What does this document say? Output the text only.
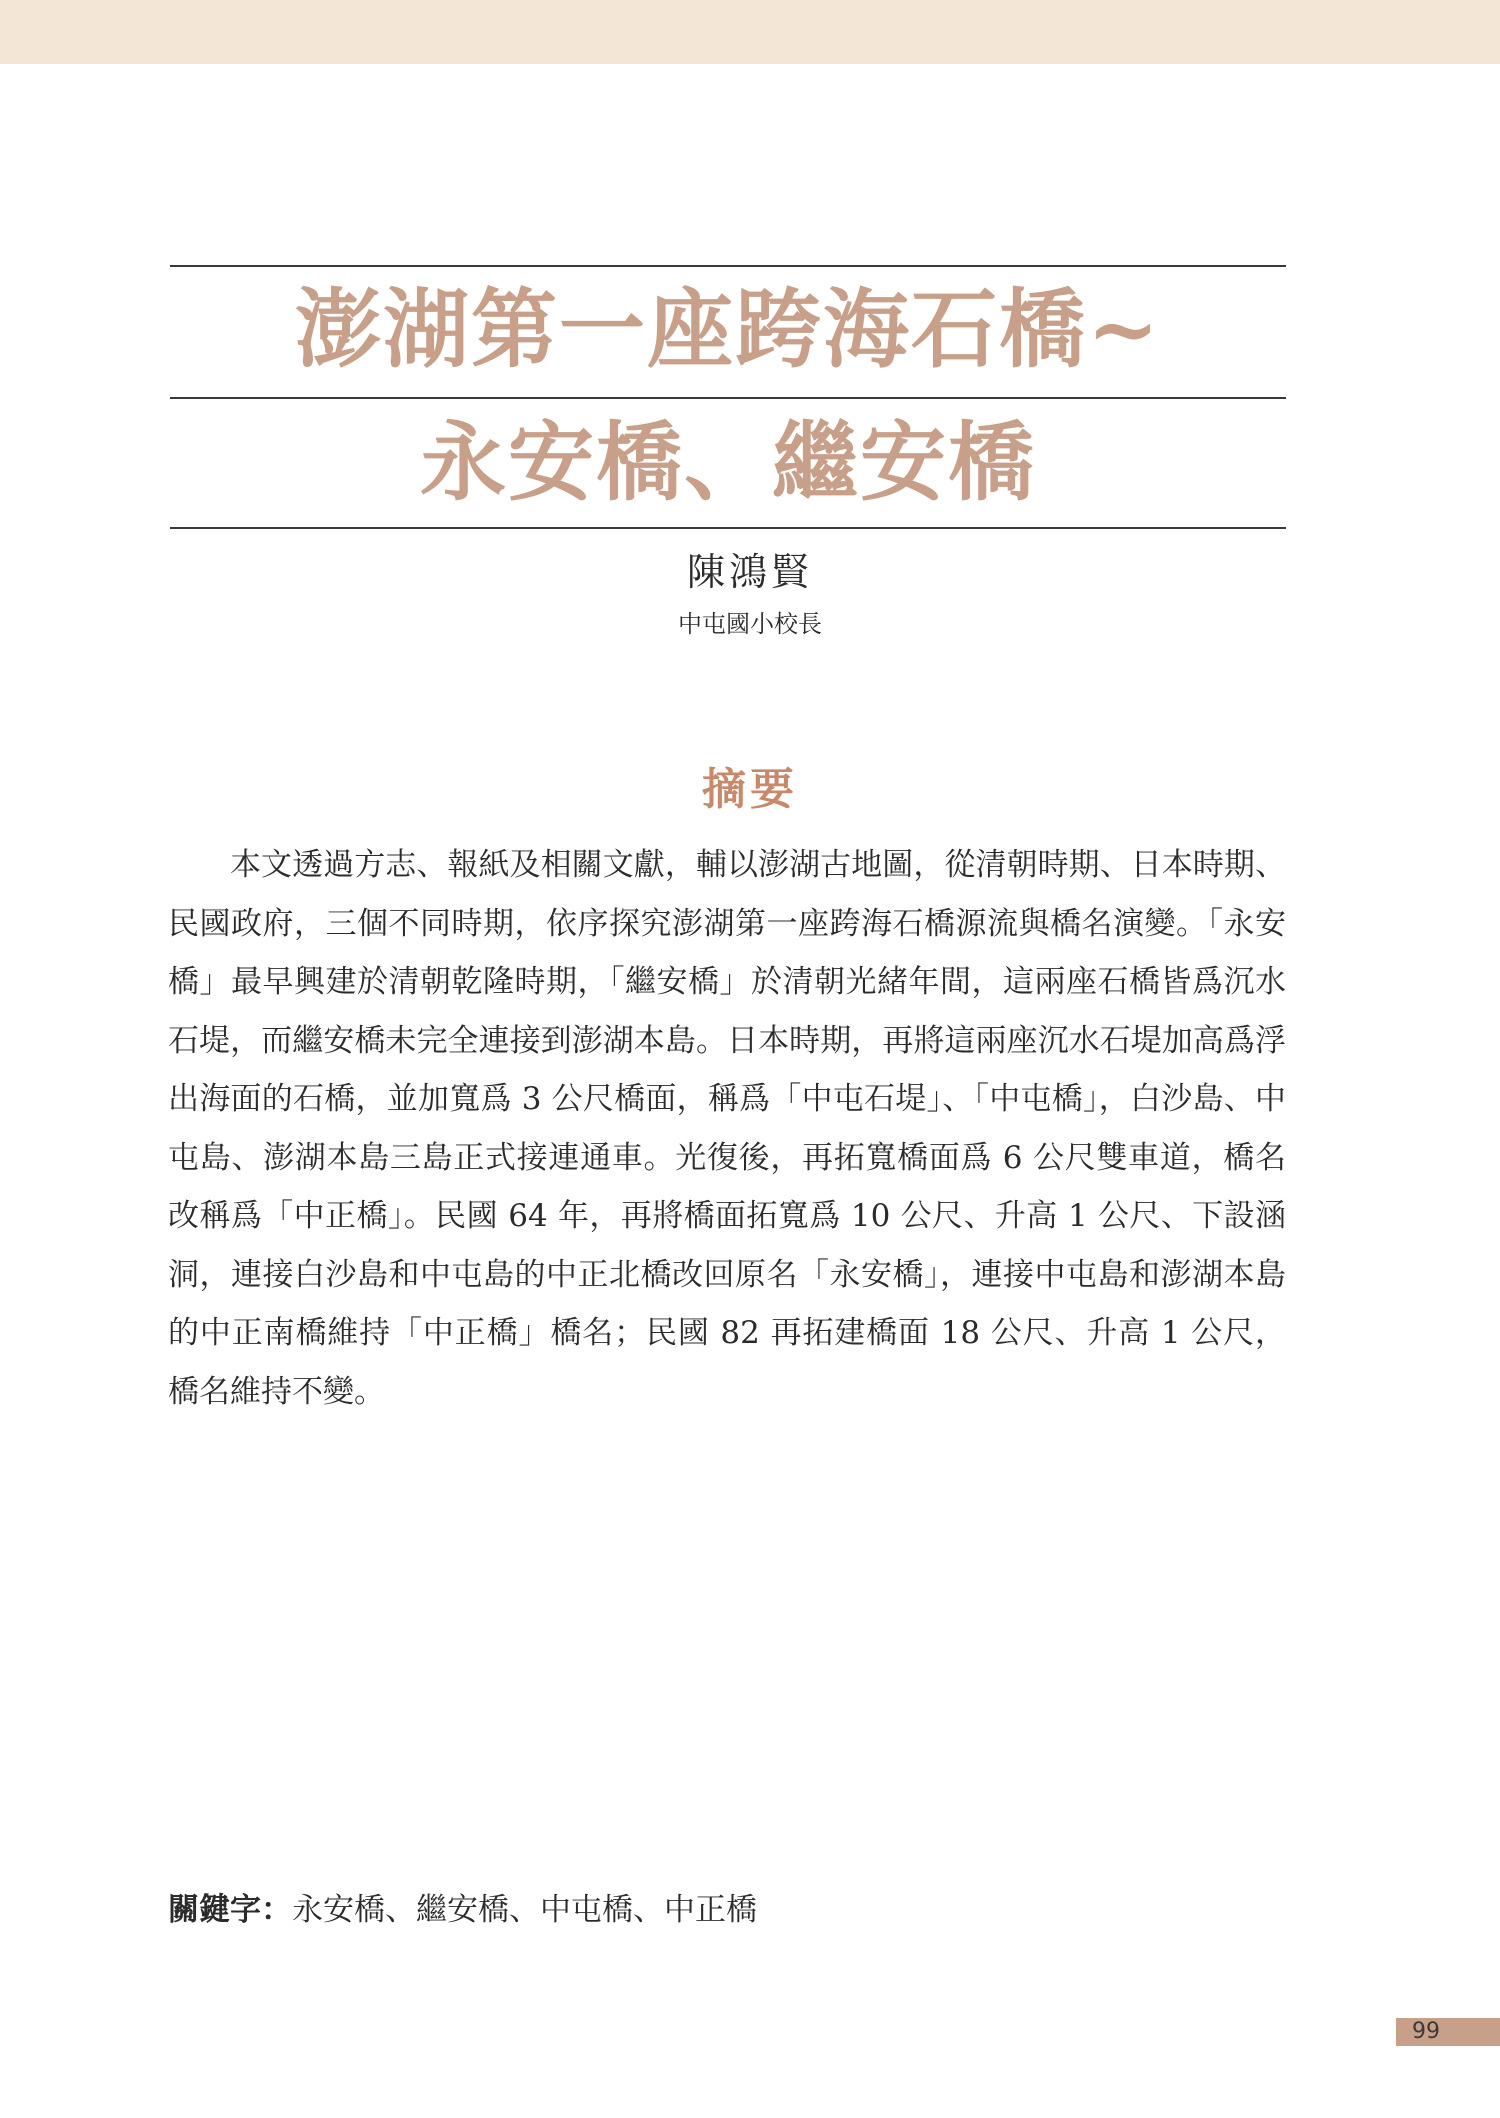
澎湖第一座跨海石橋~
永安橋、繼安橋
陳鴻賢
中屯國小校長
摘要

本文透過方志、報紙及相關文獻，輔以澎湖古地圖，從清朝時期、日本時期、民國政府，三個不同時期，依序探究澎湖第一座跨海石橋源流與橋名演變。「永安橋」最早興建於清朝乾隆時期，「繼安橋」於清朝光緒年間，這兩座石橋皆爲沉水石堤，而繼安橋未完全連接到澎湖本島。日本時期，再將這兩座沉水石堤加高爲浮出海面的石橋，並加寬爲 3 公尺橋面，稱爲「中屯石堤」、「中屯橋」，白沙島、中屯島、澎湖本島三島正式接連通車。光復後，再拓寬橋面爲 6 公尺雙車道，橋名改稱爲「中正橋」。民國 64 年，再將橋面拓寬爲 10 公尺、升高 1 公尺、下設涵洞，連接白沙島和中屯島的中正北橋改回原名「永安橋」，連接中屯島和澎湖本島的中正南橋維持「中正橋」橋名；民國 82 再拓建橋面 18 公尺、升高 1 公尺，橋名維持不變。

關鍵字：永安橋、繼安橋、中屯橋、中正橋
99
